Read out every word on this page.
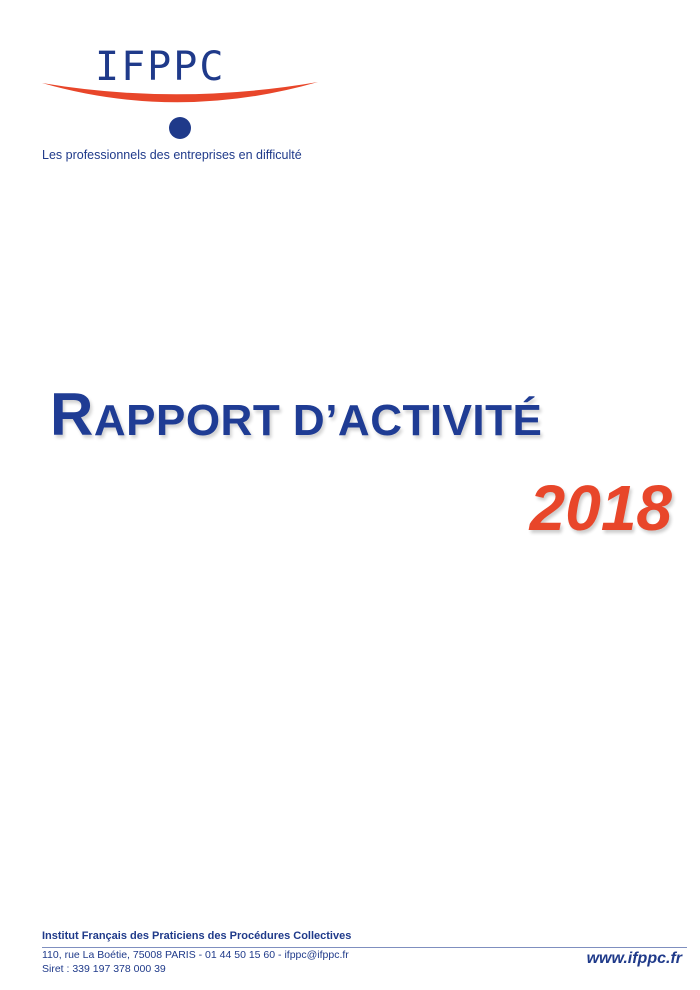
IFPPC
Les professionnels des entreprises en difficulté
RAPPORT D’ACTIVITÉ
2018
Institut Français des Praticiens des Procédures Collectives
110, rue La Boétie, 75008 PARIS - 01 44 50 15 60 - ifppc@ifppc.fr
Siret : 339 197 378 000 39
www.ifppc.fr
